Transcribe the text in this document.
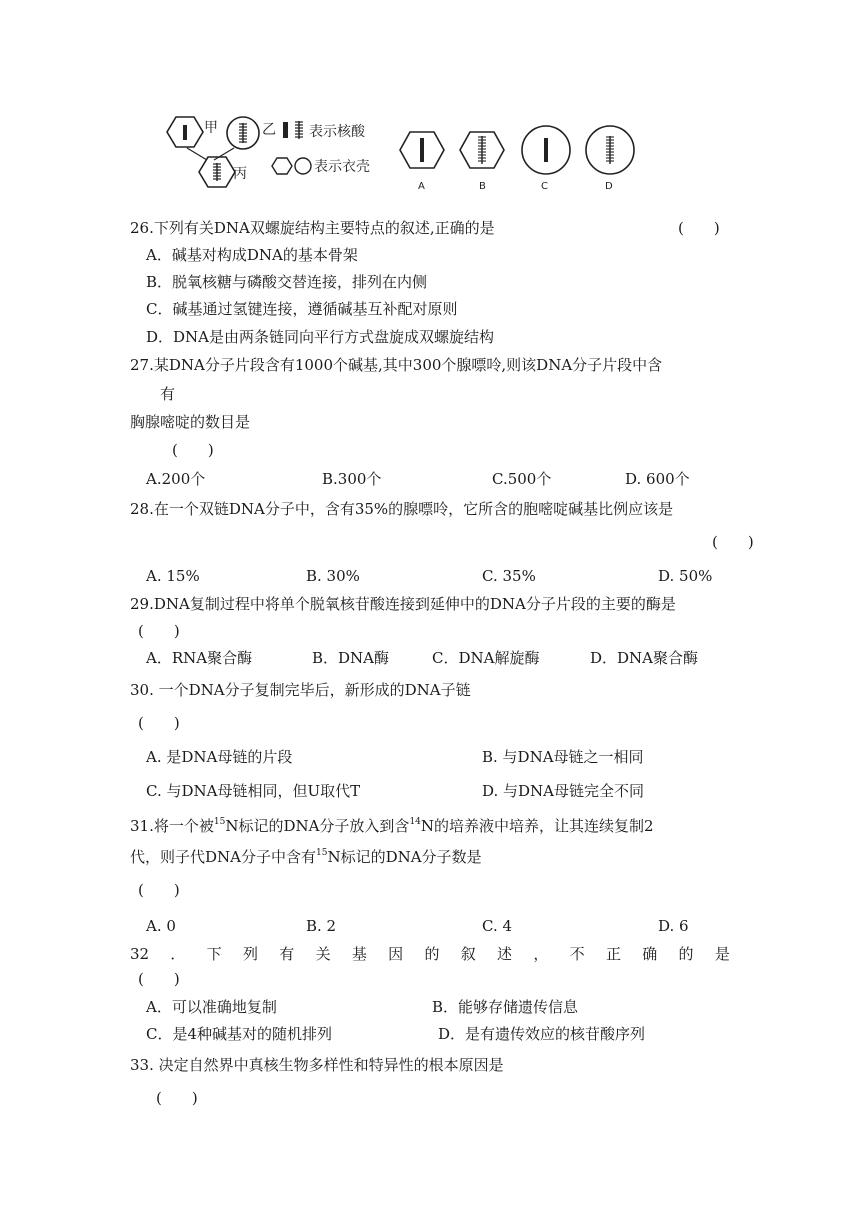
甲	乙
丙
表示核酸
表示衣壳
A	B	C	D
26.下列有关DNA双螺旋结构主要特点的叙述,正确的是	(　　)
A．碱基对构成DNA的基本骨架
B．脱氧核糖与磷酸交替连接，排列在内侧
C．碱基通过氢键连接，遵循碱基互补配对原则
D．DNA是由两条链同向平行方式盘旋成双螺旋结构
27.某DNA分子片段含有1000个碱基,其中300个腺嘌呤,则该DNA分子片段中含
有
胸腺嘧啶的数目是
(　　)
A.200个	B.300个	C.500个	D. 600个
28.在一个双链DNA分子中，含有35%的腺嘌呤，它所含的胞嘧啶碱基比例应该是
(　　)
A. 15%	B. 30%	C. 35%	D. 50%
29.DNA复制过程中将单个脱氧核苷酸连接到延伸中的DNA分子片段的主要的酶是
(　　)
A．RNA聚合酶	B．DNA酶	C．DNA解旋酶	D．DNA聚合酶
30. 一个DNA分子复制完毕后，新形成的DNA子链
(　　)
A. 是DNA母链的片段	B. 与DNA母链之一相同
C. 与DNA母链相同，但U取代T	D. 与DNA母链完全不同
31.将一个被$^{15}$N标记的DNA分子放入到含$^{14}$N的培养液中培养，让其连续复制2
代，则子代DNA分子中含有$^{15}$N标记的DNA分子数是
(　　)
A. 0	B. 2	C. 4	D. 6
32 ． 下 列 有 关 基 因 的 叙 述 ， 不 正 确 的 是
(　　)
A．可以准确地复制	B．能够存储遗传信息
C．是4种碱基对的随机排列	D．是有遗传效应的核苷酸序列
33. 决定自然界中真核生物多样性和特异性的根本原因是
(　　)
